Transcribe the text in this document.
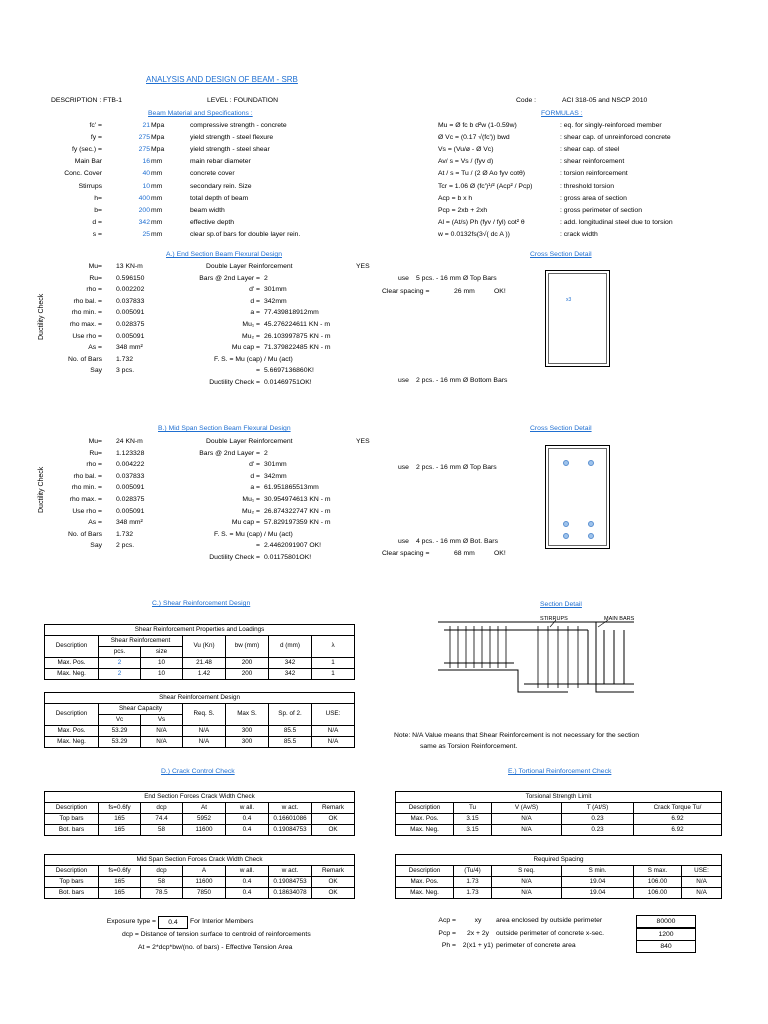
ANALYSIS AND DESIGN OF BEAM - SRB
DESCRIPTION : FTB-1	LEVEL : FOUNDATION	Code :	ACI 318-05 and NSCP 2010
Beam Material and Specifications :	FORMULAS :
fc' =	21 Mpa	compressive strength - concrete
fy =	275 Mpa	yield strength - steel flexure
fy (sec.) =	275 Mpa	yield strength - steel shear
Main Bar	16 mm	main rebar diameter
Conc. Cover	40 mm	concrete cover
Stirrups	10 mm	secondary rein. Size
h=	400 mm	total depth of beam
b=	200 mm	beam width
d =	342 mm	effective depth
s =	25 mm	clear sp.of bars for double layer rein.
Mu = Ø fc b d²w (1-0.59w)	: eq. for singly-reinforced member
Ø Vc = (0.17 √(fc')) bwd	: shear cap. of unreinforced concrete
Vs = (Vu/ø - Ø Vc)	: shear cap. of steel
Av/ s = Vs / (fyv d)	: shear reinforcement
At / s = Tu / (2 Ø Ao fyv cotθ)	: torsion reinforcement
Tcr = 1.06 Ø (fc')¹/² (Acp² / Pcp)	: threshold torsion
Acp = b x h	: gross area of section
Pcp = 2xb + 2xh	: gross perimeter of section
Al = (At/s) Ph (fyv / fyl) cot² θ	: add. longitudinal steel due to torsion
w = 0.0132fs(3√( dc A ))	: crack width
A.) End Section Beam Flexural Design	Cross Section Detail
Ductility Check
Mu= 13 KN-m
Ru= 0.596150
rho = 0.002202
rho bal. = 0.037833
rho min. = 0.005091
rho max. = 0.028375
Use rho = 0.005091
As = 348 mm²
No. of Bars 1.732
Say 3 pcs.
Double Layer Reinforcement
Bars @ 2nd Layer = 2
d' = 301mm
d = 342mm
a = 77.439818912mm
Mu₁ = 45.276224611 KN - m
Mu₂ = 26.103997875 KN - m
Mu cap = 71.379822485 KN - m
F. S. = Mu (cap) / Mu (act)
= 5.6697136860K!
Ductility Check = 0.01469751OK!
YES
use 5 pcs. - 16 mm Ø Top Bars
Clear spacing =	26 mm	OK!
use 2 pcs. - 16 mm Ø Bottom Bars
x3
B.) Mid Span Section Beam Flexural Design	Cross Section Detail
Ductility Check
Mu= 24 KN-m
Ru= 1.123328
rho = 0.004222
rho bal. = 0.037833
rho min. = 0.005091
rho max. = 0.028375
Use rho = 0.005091
As = 348 mm²
No. of Bars 1.732
Say 2 pcs.
Double Layer Reinforcement
Bars @ 2nd Layer = 2
d' = 301mm
d = 342mm
a = 61.951865513mm
Mu₁ = 30.954974613 KN - m
Mu₂ = 26.874322747 KN - m
Mu cap = 57.829197359 KN - m
F. S. = Mu (cap) / Mu (act)
= 2.4462091907 OK!
Ductility Check = 0.01175801OK!
YES
use 2 pcs. - 16 mm Ø Top Bars
use 4 pcs. - 16 mm Ø Bot. Bars
Clear spacing =	68 mm	OK!
C.) Shear Reinforcement Design
Shear Reinforcement Properties and Loadings						
Description	Shear Reinforcement		Vu (Kn)	bw (mm)	d (mm)	λ
	pcs.	size				
Max. Pos.	2	10	21.48	200	342	1
Max. Neg.	2	10	1.42	200	342	1
Shear Reinforcement Design						
Description	Shear Capacity		Req. S.	Max S.	Sp. of 2.	USE:
	Vc	Vs				
Max. Pos.	53.29	N/A	N/A	300	85.5	N/A
Max. Neg.	53.29	N/A	N/A	300	85.5	N/A
Section Detail
STIRRUPS	MAIN BARS
Note: N/A Value means that Shear Reinforcement is not necessary for the section
same as Torsion Reinforcement.
D.) Crack Control Check
End Section Forces Crack Width Check						
Description	fs=0.6fy	dcp	At	w all.	w act.	Remark
Top bars	165	74.4	5952	0.4	0.16601086	OK
Bot. bars	165	58	11600	0.4	0.19084753	OK
Mid Span Section Forces Crack Width Check						
Description	fs=0.6fy	dcp	A	w all.	w act.	Remark
Top bars	165	58	11600	0.4	0.19084753	OK
Bot. bars	165	78.5	7850	0.4	0.18634078	OK
Exposure type =	0.4	For Interior Members
dcp = Distance of tension surface to centroid of reinforcements
At = 2*dcp*bw/(no. of bars) - Effective Tension Area
E.) Tortional Reinforcement Check
Torsional Strength Limit				
Description	Tu	V (Av/S)	T (At/S)	Crack Torque Tu/
Max. Pos.	3.15	N/A	0.23	6.92
Max. Neg.	3.15	N/A	0.23	6.92
Required Spacing					
Description	(Tu/4)	S req.	S min.	S max.	USE:
Max. Pos.	1.73	N/A	19.04	106.00	N/A
Max. Neg.	1.73	N/A	19.04	106.00	N/A
Acp =	xy	area enclosed by outside perimeter	80000
Pcp =	2x + 2y	outside perimeter of concrete x-sec.	1200
Ph = 2(x1 + y1) perimeter of concrete area	840
